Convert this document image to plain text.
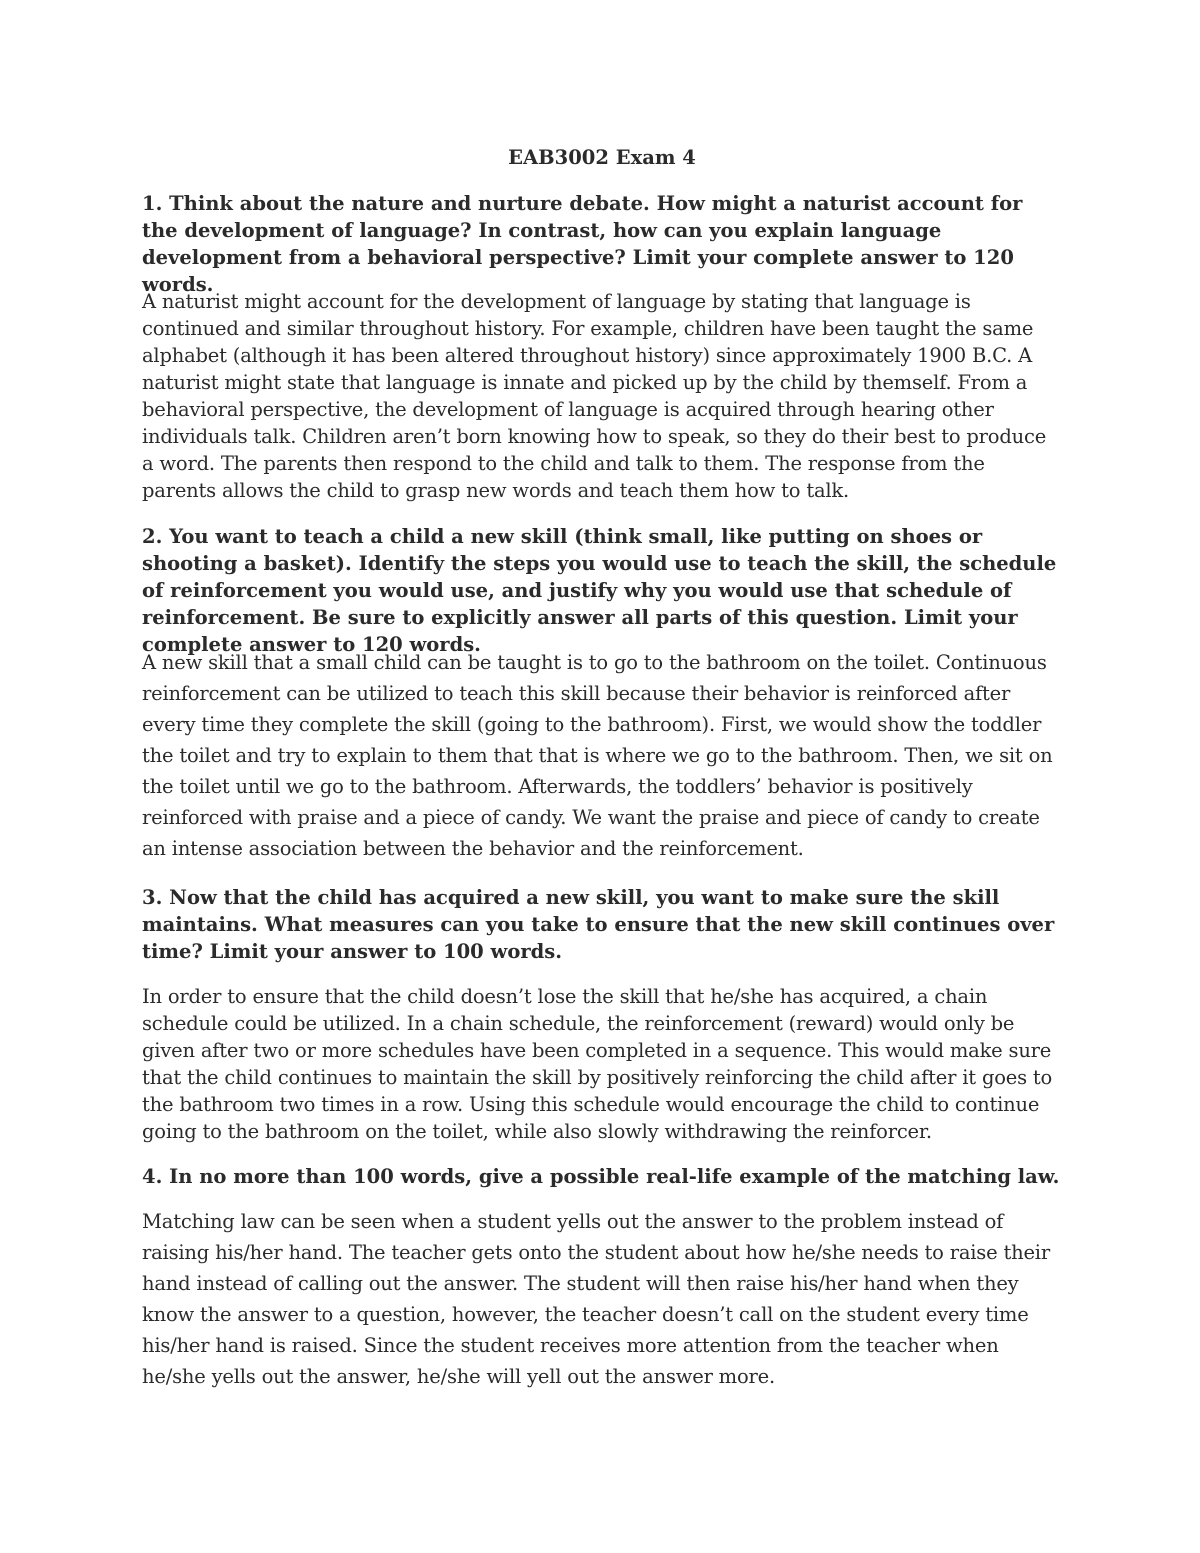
EAB3002 Exam 4

1. Think about the nature and nurture debate. How might a naturist account for the development of language? In contrast, how can you explain language development from a behavioral perspective? Limit your complete answer to 120 words.

A naturist might account for the development of language by stating that language is continued and similar throughout history. For example, children have been taught the same alphabet (although it has been altered throughout history) since approximately 1900 B.C. A naturist might state that language is innate and picked up by the child by themself. From a behavioral perspective, the development of language is acquired through hearing other individuals talk. Children aren’t born knowing how to speak, so they do their best to produce a word. The parents then respond to the child and talk to them. The response from the parents allows the child to grasp new words and teach them how to talk.

2. You want to teach a child a new skill (think small, like putting on shoes or shooting a basket). Identify the steps you would use to teach the skill, the schedule of reinforcement you would use, and justify why you would use that schedule of reinforcement. Be sure to explicitly answer all parts of this question. Limit your complete answer to 120 words.

A new skill that a small child can be taught is to go to the bathroom on the toilet. Continuous reinforcement can be utilized to teach this skill because their behavior is reinforced after every time they complete the skill (going to the bathroom). First, we would show the toddler the toilet and try to explain to them that that is where we go to the bathroom. Then, we sit on the toilet until we go to the bathroom. Afterwards, the toddlers’ behavior is positively reinforced with praise and a piece of candy. We want the praise and piece of candy to create an intense association between the behavior and the reinforcement.

3. Now that the child has acquired a new skill, you want to make sure the skill maintains. What measures can you take to ensure that the new skill continues over time? Limit your answer to 100 words.

In order to ensure that the child doesn’t lose the skill that he/she has acquired, a chain schedule could be utilized. In a chain schedule, the reinforcement (reward) would only be given after two or more schedules have been completed in a sequence. This would make sure that the child continues to maintain the skill by positively reinforcing the child after it goes to the bathroom two times in a row. Using this schedule would encourage the child to continue going to the bathroom on the toilet, while also slowly withdrawing the reinforcer.

4. In no more than 100 words, give a possible real-life example of the matching law.

Matching law can be seen when a student yells out the answer to the problem instead of raising his/her hand. The teacher gets onto the student about how he/she needs to raise their hand instead of calling out the answer. The student will then raise his/her hand when they know the answer to a question, however, the teacher doesn’t call on the student every time his/her hand is raised. Since the student receives more attention from the teacher when he/she yells out the answer, he/she will yell out the answer more.
